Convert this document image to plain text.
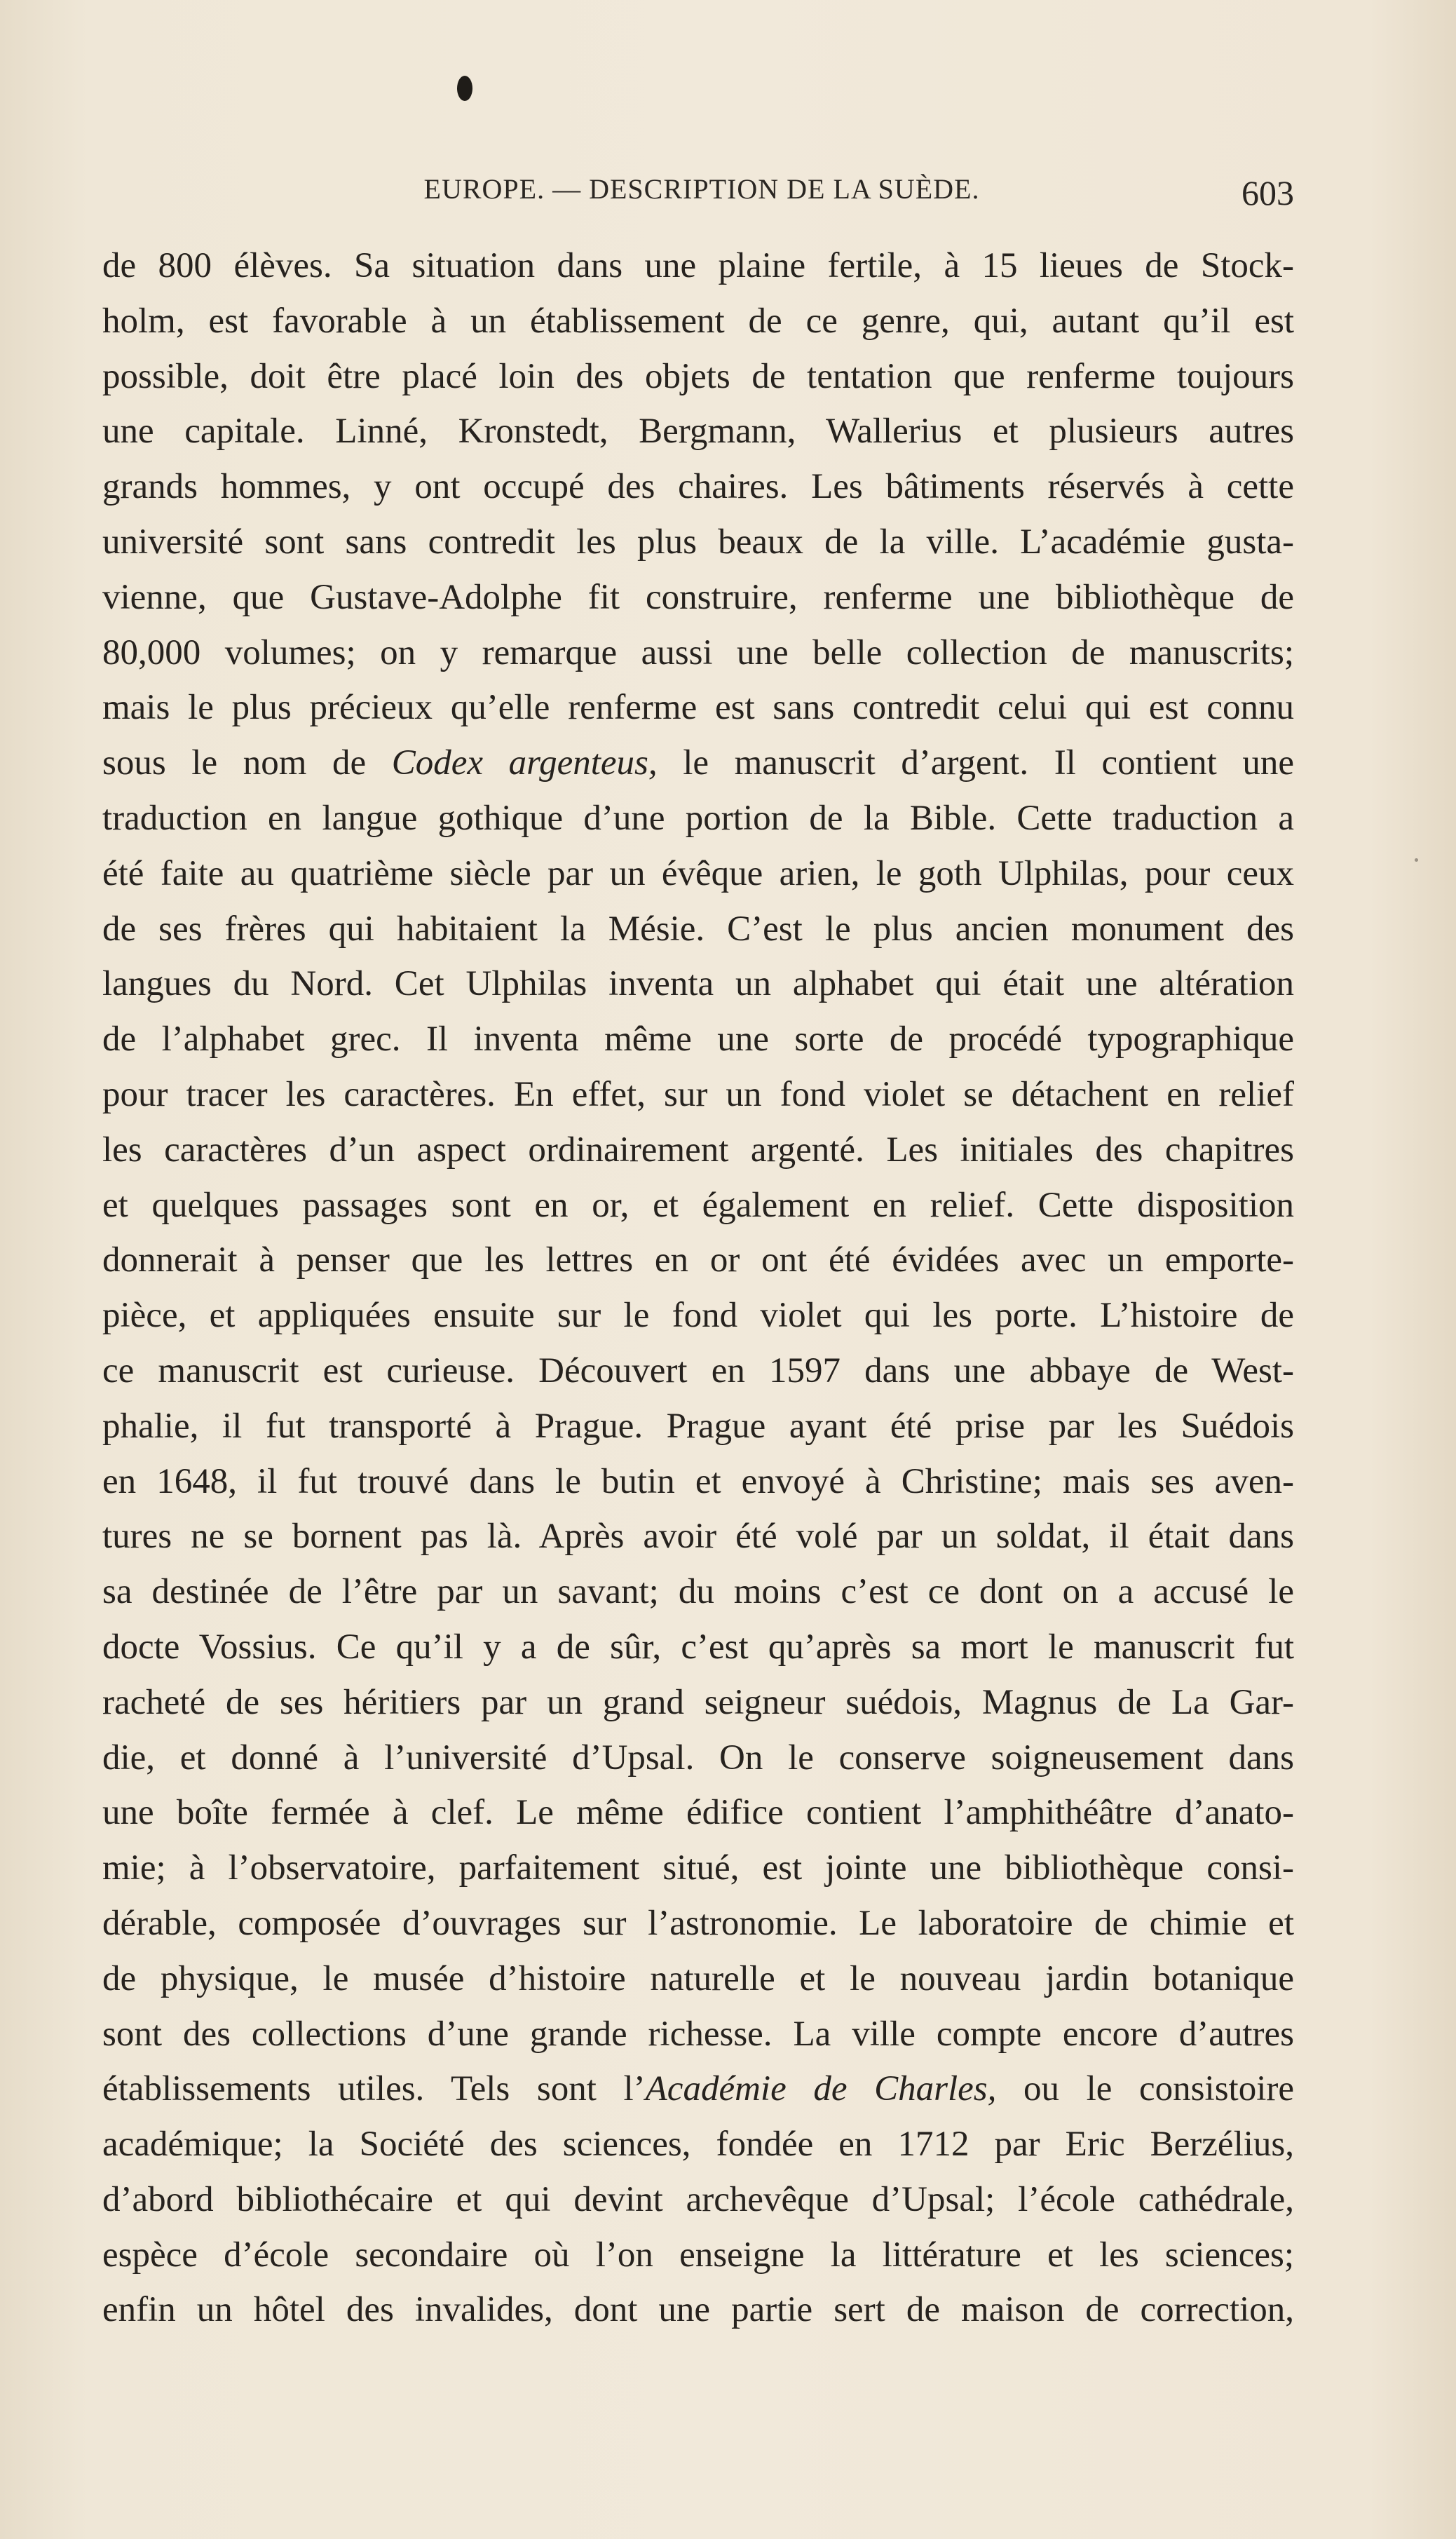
EUROPE. — DESCRIPTION DE LA SUÈDE.	603
de 800 élèves. Sa situation dans une plaine fertile, à 15 lieues de Stock-
holm, est favorable à un établissement de ce genre, qui, autant qu’il est
possible, doit être placé loin des objets de tentation que renferme toujours
une capitale. Linné, Kronstedt, Bergmann, Wallerius et plusieurs autres
grands hommes, y ont occupé des chaires. Les bâtiments réservés à cette
université sont sans contredit les plus beaux de la ville. L’académie gusta-
vienne, que Gustave-Adolphe fit construire, renferme une bibliothèque de
80,000 volumes; on y remarque aussi une belle collection de manuscrits;
mais le plus précieux qu’elle renferme est sans contredit celui qui est connu
sous le nom de Codex argenteus, le manuscrit d’argent. Il contient une
traduction en langue gothique d’une portion de la Bible. Cette traduction a
été faite au quatrième siècle par un évêque arien, le goth Ulphilas, pour ceux
de ses frères qui habitaient la Mésie. C’est le plus ancien monument des
langues du Nord. Cet Ulphilas inventa un alphabet qui était une altération
de l’alphabet grec. Il inventa même une sorte de procédé typographique
pour tracer les caractères. En effet, sur un fond violet se détachent en relief
les caractères d’un aspect ordinairement argenté. Les initiales des chapitres
et quelques passages sont en or, et également en relief. Cette disposition
donnerait à penser que les lettres en or ont été évidées avec un emporte-
pièce, et appliquées ensuite sur le fond violet qui les porte. L’histoire de
ce manuscrit est curieuse. Découvert en 1597 dans une abbaye de West-
phalie, il fut transporté à Prague. Prague ayant été prise par les Suédois
en 1648, il fut trouvé dans le butin et envoyé à Christine; mais ses aven-
tures ne se bornent pas là. Après avoir été volé par un soldat, il était dans
sa destinée de l’être par un savant; du moins c’est ce dont on a accusé le
docte Vossius. Ce qu’il y a de sûr, c’est qu’après sa mort le manuscrit fut
racheté de ses héritiers par un grand seigneur suédois, Magnus de La Gar-
die, et donné à l’université d’Upsal. On le conserve soigneusement dans
une boîte fermée à clef. Le même édifice contient l’amphithéâtre d’anato-
mie; à l’observatoire, parfaitement situé, est jointe une bibliothèque consi-
dérable, composée d’ouvrages sur l’astronomie. Le laboratoire de chimie et
de physique, le musée d’histoire naturelle et le nouveau jardin botanique
sont des collections d’une grande richesse. La ville compte encore d’autres
établissements utiles. Tels sont l’Académie de Charles, ou le consistoire
académique; la Société des sciences, fondée en 1712 par Eric Berzélius,
d’abord bibliothécaire et qui devint archevêque d’Upsal; l’école cathédrale,
espèce d’école secondaire où l’on enseigne la littérature et les sciences;
enfin un hôtel des invalides, dont une partie sert de maison de correction,
